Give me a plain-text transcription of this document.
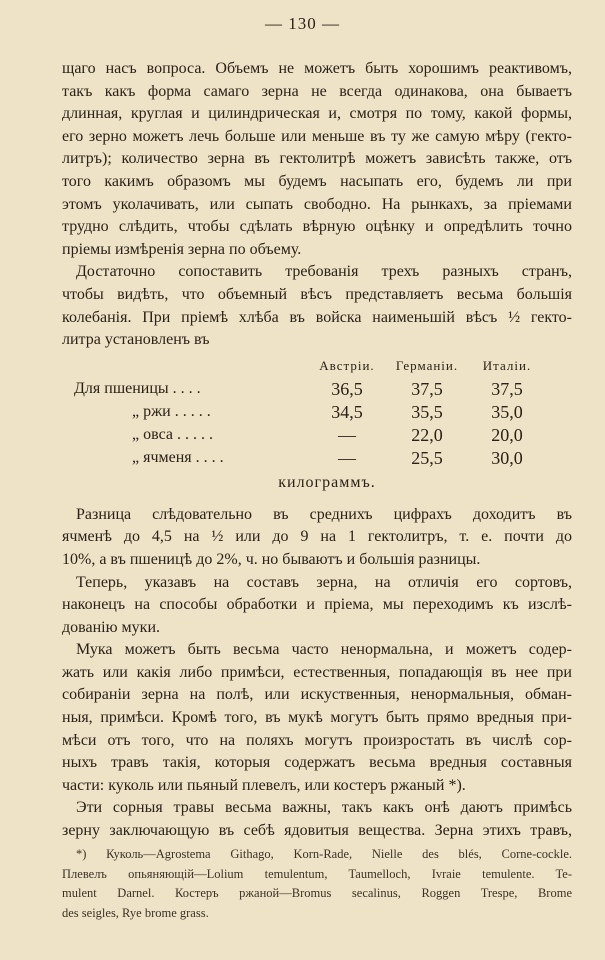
— 130 —
щаго насъ вопроса. Объемъ не можетъ быть хорошимъ реактивомъ,
такъ какъ форма самаго зерна не всегда одинакова, она бываетъ
длинная, круглая и цилиндрическая и, смотря по тому, какой формы,
его зерно можетъ лечь больше или меньше въ ту же самую мѣру (гекто-
литръ); количество зерна въ гектолитрѣ можетъ зависѣть также, отъ
того какимъ образомъ мы будемъ насыпать его, будемъ ли при
этомъ уколачивать, или сыпать свободно. На рынкахъ, за пріемами
трудно слѣдить, чтобы сдѣлать вѣрную оцѣнку и опредѣлить точно
пріемы измѣренія зерна по объему.
Достаточно сопоставить требованія трехъ разныхъ странъ,
чтобы видѣть, что объемный вѣсъ представляетъ весьма большія
колебанія. При пріемѣ хлѣба въ войска наименьшій вѣсъ ½ гекто-
литра установленъ въ
Австріи.	Германіи.	Италіи.
Для пшеницы . . . .	36,5	37,5	37,5
„ ржи . . . . .	34,5	35,5	35,0
„ овса . . . . .	—	22,0	20,0
„ ячменя . . . .	—	25,5	30,0
килограммъ.
Разница слѣдовательно въ среднихъ цифрахъ доходитъ въ
ячменѣ до 4,5 на ½ или до 9 на 1 гектолитръ, т. е. почти до
10%, а въ пшеницѣ до 2%, ч. но бываютъ и большія разницы.
Теперь, указавъ на составъ зерна, на отличія его сортовъ,
наконецъ на способы обработки и пріема, мы переходимъ къ изслѣ-
дованію муки.
Мука можетъ быть весьма часто ненормальна, и можетъ содер-
жать или какія либо примѣси, естественныя, попадающія въ нее при
собираніи зерна на полѣ, или искуственныя, ненормальныя, обман-
ныя, примѣси. Кромѣ того, въ мукѣ могутъ быть прямо вредныя при-
мѣси отъ того, что на поляхъ могутъ произростать въ числѣ сор-
ныхъ травъ такія, которыя содержатъ весьма вредныя составныя
части: куколь или пьяный плевелъ, или костеръ ржаный *).
Эти сорныя травы весьма важны, такъ какъ онѣ даютъ примѣсь
зерну заключающую въ себѣ ядовитыя вещества. Зерна этихъ травъ,
*) Куколь—Agrostema Githago, Korn-Rade, Nielle des blés, Corne-cockle.
Плевелъ опьяняющій—Lolium temulentum, Taumelloch, Ivraie temulente. Te-
mulent Darnel. Костеръ ржаной—Bromus secalinus, Roggen Trespe, Brome
des seigles, Rye brome grass.
